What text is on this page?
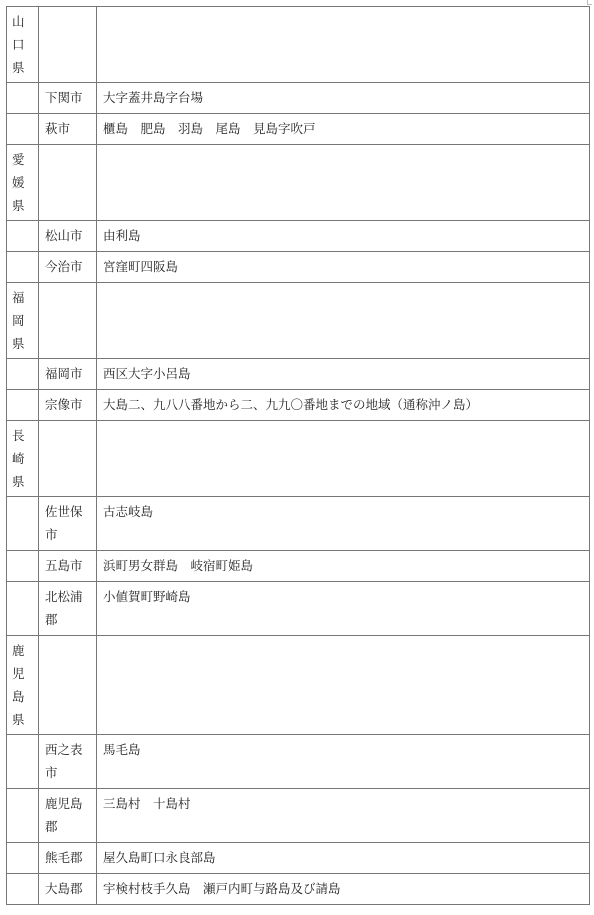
山
口
県		

	下関市	大字蓋井島字台場

	萩市	櫃島　肥島　羽島　尾島　見島字吹戸

愛
媛
県		

	松山市	由利島

	今治市	宮窪町四阪島

福
岡
県		

	福岡市	西区大字小呂島

	宗像市	大島二、九八八番地から二、九九〇番地までの地域（通称沖ノ島）

長
崎
県		

	佐世保
市	古志岐島

	五島市	浜町男女群島　岐宿町姫島

	北松浦
郡	小値賀町野崎島

鹿
児
島
県		

	西之表
市	馬毛島

	鹿児島
郡	三島村　十島村

	熊毛郡	屋久島町口永良部島

	大島郡	宇検村枝手久島　瀬戸内町与路島及び請島
